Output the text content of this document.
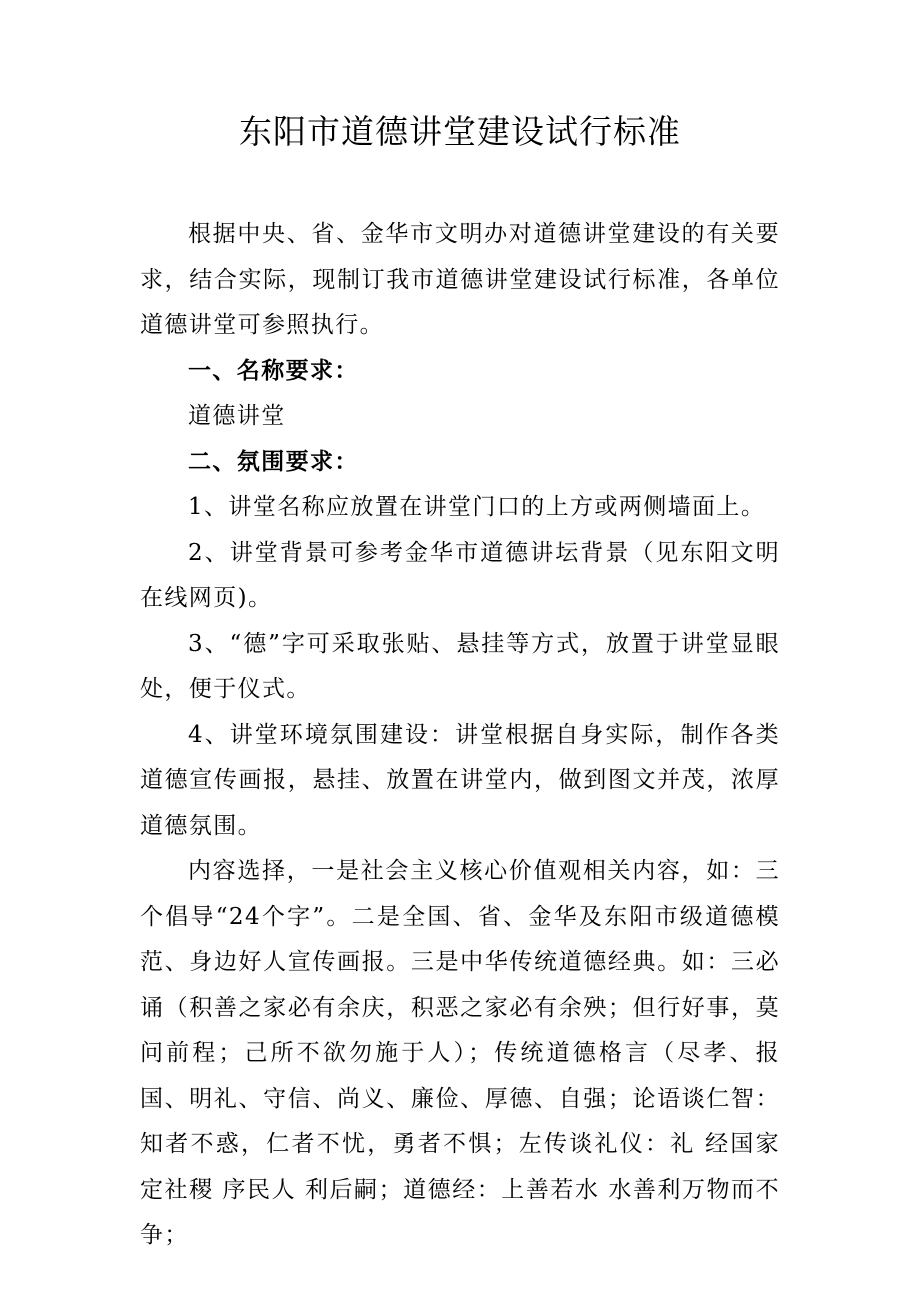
东阳市道德讲堂建设试行标准

根据中央、省、金华市文明办对道德讲堂建设的有关要求，结合实际，现制订我市道德讲堂建设试行标准，各单位道德讲堂可参照执行。

一、名称要求：

道德讲堂

二、氛围要求：

1、讲堂名称应放置在讲堂门口的上方或两侧墙面上。

2、讲堂背景可参考金华市道德讲坛背景（见东阳文明在线网页)。

3、“德”字可采取张贴、悬挂等方式，放置于讲堂显眼处，便于仪式。

4、讲堂环境氛围建设：讲堂根据自身实际，制作各类道德宣传画报，悬挂、放置在讲堂内，做到图文并茂，浓厚道德氛围。

内容选择，一是社会主义核心价值观相关内容，如：三个倡导“24个字”。二是全国、省、金华及东阳市级道德模范、身边好人宣传画报。三是中华传统道德经典。如：三必诵（积善之家必有余庆，积恶之家必有余殃；但行好事，莫问前程；己所不欲勿施于人）；传统道德格言（尽孝、报国、明礼、守信、尚义、廉俭、厚德、自强；论语谈仁智：知者不惑，仁者不忧，勇者不惧；左传谈礼仪：礼 经国家 定社稷 序民人 利后嗣；道德经：上善若水 水善利万物而不争；
